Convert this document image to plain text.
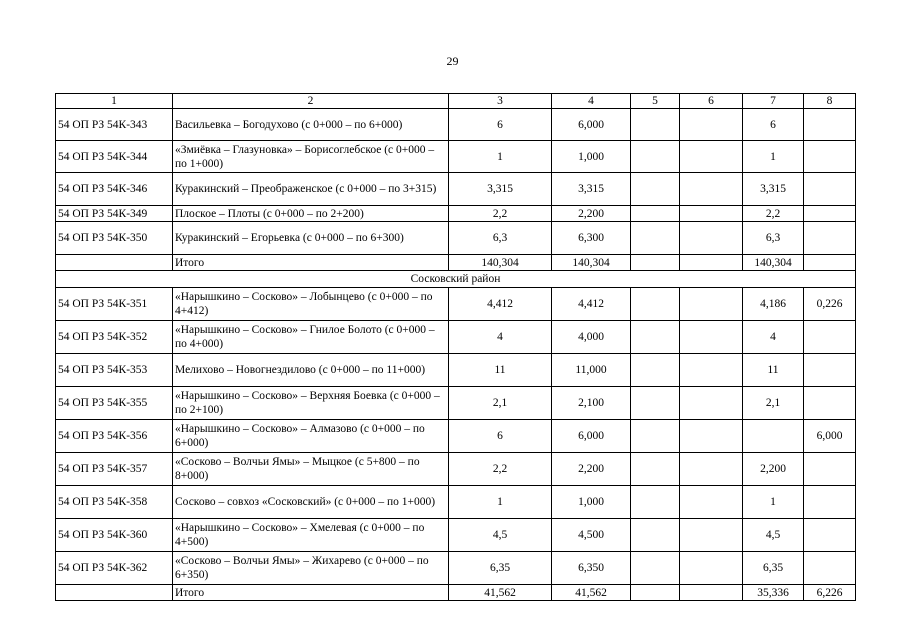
29
1	2	3	4	5	6	7	8
54 ОП РЗ 54К-343	Васильевка – Богодухово (с 0+000 – по 6+000)	6	6,000			6	
54 ОП РЗ 54К-344	«Змиёвка – Глазуновка» – Борисоглебское (с 0+000 – по 1+000)	1	1,000			1	
54 ОП РЗ 54К-346	Куракинский – Преображенское (с 0+000 – по 3+315)	3,315	3,315			3,315	
54 ОП РЗ 54К-349	Плоское – Плоты (с 0+000 – по 2+200)	2,2	2,200			2,2	
54 ОП РЗ 54К-350	Куракинский – Егорьевка (с 0+000 – по 6+300)	6,3	6,300			6,3	
	Итого	140,304	140,304			140,304	
Сосковский район							
54 ОП РЗ 54К-351	«Нарышкино – Сосково» – Лобынцево (с 0+000 – по 4+412)	4,412	4,412			4,186	0,226
54 ОП РЗ 54К-352	«Нарышкино – Сосково» – Гнилое Болото (с 0+000 – по 4+000)	4	4,000			4	
54 ОП РЗ 54К-353	Мелихово – Новогнездилово (с 0+000 – по 11+000)	11	11,000			11	
54 ОП РЗ 54К-355	«Нарышкино – Сосково» – Верхняя Боевка (с 0+000 – по 2+100)	2,1	2,100			2,1	
54 ОП РЗ 54К-356	«Нарышкино – Сосково» – Алмазово (с 0+000 – по 6+000)	6	6,000				6,000
54 ОП РЗ 54К-357	«Сосково – Волчьи Ямы» – Мыцкое (с 5+800 – по 8+000)	2,2	2,200			2,200	
54 ОП РЗ 54К-358	Сосково – совхоз «Сосковский» (с 0+000 – по 1+000)	1	1,000			1	
54 ОП РЗ 54К-360	«Нарышкино – Сосково» – Хмелевая (с 0+000 – по 4+500)	4,5	4,500			4,5	
54 ОП РЗ 54К-362	«Сосково – Волчьи Ямы» – Жихарево (с 0+000 – по 6+350)	6,35	6,350			6,35	
	Итого	41,562	41,562			35,336	6,226
